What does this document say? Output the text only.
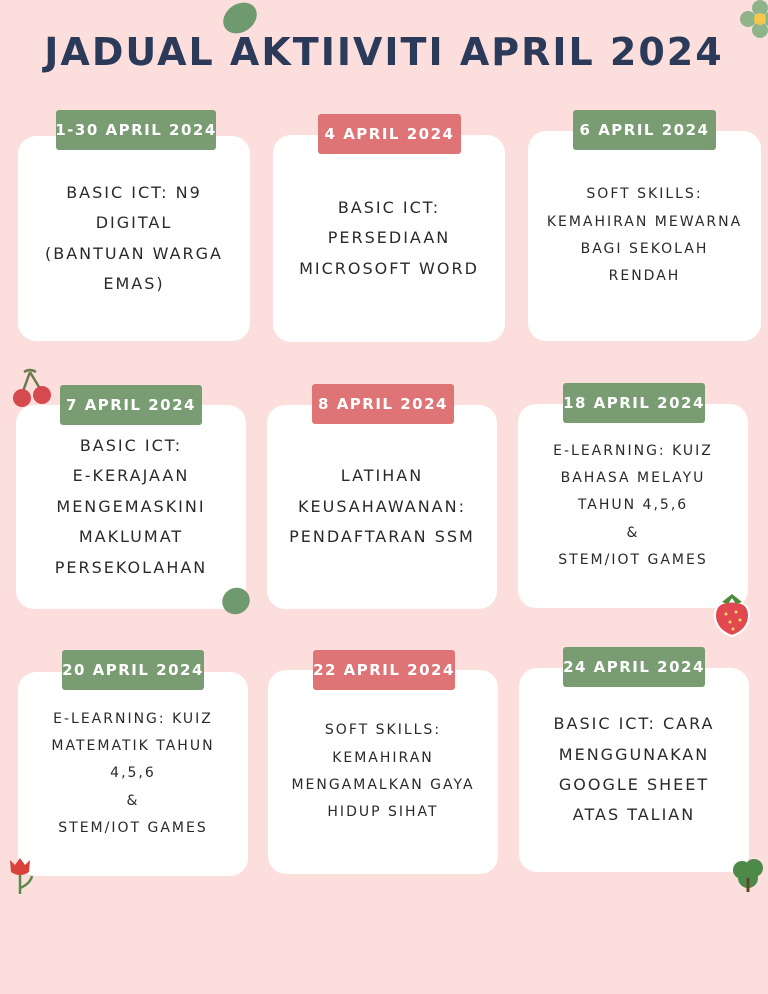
JADUAL AKTIIVITI APRIL 2024
BASIC ICT: N9
DIGITAL
(BANTUAN WARGA
EMAS)
1-30 APRIL 2024
BASIC ICT:
PERSEDIAAN
MICROSOFT WORD
4 APRIL 2024
SOFT SKILLS:
KEMAHIRAN MEWARNA
BAGI SEKOLAH
RENDAH
6 APRIL 2024
BASIC ICT:
E-KERAJAAN
MENGEMASKINI
MAKLUMAT
PERSEKOLAHAN
7 APRIL 2024
LATIHAN
KEUSAHAWANAN:
PENDAFTARAN SSM
8 APRIL 2024
E-LEARNING: KUIZ
BAHASA MELAYU
TAHUN 4,5,6
&
STEM/IOT GAMES
18 APRIL 2024
E-LEARNING: KUIZ
MATEMATIK TAHUN
4,5,6
&
STEM/IOT GAMES
20 APRIL 2024
SOFT SKILLS:
KEMAHIRAN
MENGAMALKAN GAYA
HIDUP SIHAT
22 APRIL 2024
BASIC ICT: CARA
MENGGUNAKAN
GOOGLE SHEET
ATAS TALIAN
24 APRIL 2024
